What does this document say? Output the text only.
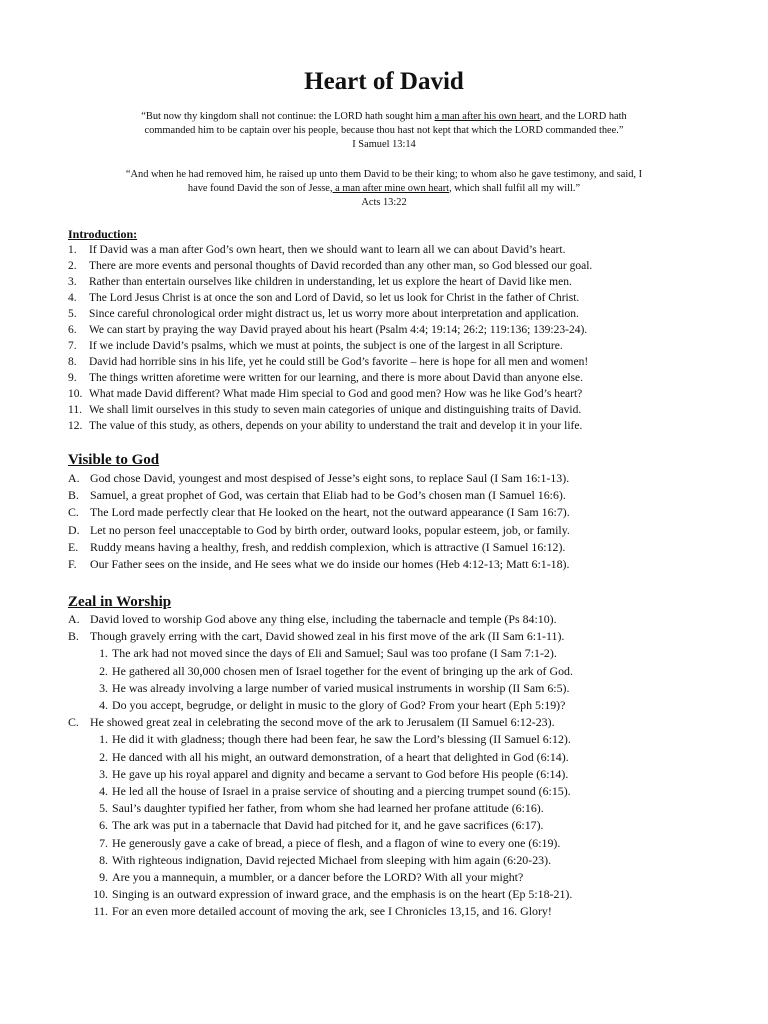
Heart of David
“But now thy kingdom shall not continue: the LORD hath sought him a man after his own heart, and the LORD hath
commanded him to be captain over his people, because thou hast not kept that which the LORD commanded thee.”
I Samuel 13:14
“And when he had removed him, he raised up unto them David to be their king; to whom also he gave testimony, and said, I
have found David the son of Jesse, a man after mine own heart, which shall fulfil all my will.”
Acts 13:22
Introduction:
1. If David was a man after God’s own heart, then we should want to learn all we can about David’s heart.
2. There are more events and personal thoughts of David recorded than any other man, so God blessed our goal.
3. Rather than entertain ourselves like children in understanding, let us explore the heart of David like men.
4. The Lord Jesus Christ is at once the son and Lord of David, so let us look for Christ in the father of Christ.
5. Since careful chronological order might distract us, let us worry more about interpretation and application.
6. We can start by praying the way David prayed about his heart (Psalm 4:4; 19:14; 26:2; 119:136; 139:23-24).
7. If we include David’s psalms, which we must at points, the subject is one of the largest in all Scripture.
8. David had horrible sins in his life, yet he could still be God’s favorite – here is hope for all men and women!
9. The things written aforetime were written for our learning, and there is more about David than anyone else.
10. What made David different? What made Him special to God and good men? How was he like God’s heart?
11. We shall limit ourselves in this study to seven main categories of unique and distinguishing traits of David.
12. The value of this study, as others, depends on your ability to understand the trait and develop it in your life.
Visible to God
A. God chose David, youngest and most despised of Jesse’s eight sons, to replace Saul (I Sam 16:1-13).
B. Samuel, a great prophet of God, was certain that Eliab had to be God’s chosen man (I Samuel 16:6).
C. The Lord made perfectly clear that He looked on the heart, not the outward appearance (I Sam 16:7).
D. Let no person feel unacceptable to God by birth order, outward looks, popular esteem, job, or family.
E. Ruddy means having a healthy, fresh, and reddish complexion, which is attractive (I Samuel 16:12).
F. Our Father sees on the inside, and He sees what we do inside our homes (Heb 4:12-13; Matt 6:1-18).
Zeal in Worship
A. David loved to worship God above any thing else, including the tabernacle and temple (Ps 84:10).
B. Though gravely erring with the cart, David showed zeal in his first move of the ark (II Sam 6:1-11).
1. The ark had not moved since the days of Eli and Samuel; Saul was too profane (I Sam 7:1-2).
2. He gathered all 30,000 chosen men of Israel together for the event of bringing up the ark of God.
3. He was already involving a large number of varied musical instruments in worship (II Sam 6:5).
4. Do you accept, begrudge, or delight in music to the glory of God? From your heart (Eph 5:19)?
C. He showed great zeal in celebrating the second move of the ark to Jerusalem (II Samuel 6:12-23).
1. He did it with gladness; though there had been fear, he saw the Lord’s blessing (II Samuel 6:12).
2. He danced with all his might, an outward demonstration, of a heart that delighted in God (6:14).
3. He gave up his royal apparel and dignity and became a servant to God before His people (6:14).
4. He led all the house of Israel in a praise service of shouting and a piercing trumpet sound (6:15).
5. Saul’s daughter typified her father, from whom she had learned her profane attitude (6:16).
6. The ark was put in a tabernacle that David had pitched for it, and he gave sacrifices (6:17).
7. He generously gave a cake of bread, a piece of flesh, and a flagon of wine to every one (6:19).
8. With righteous indignation, David rejected Michael from sleeping with him again (6:20-23).
9. Are you a mannequin, a mumbler, or a dancer before the LORD? With all your might?
10. Singing is an outward expression of inward grace, and the emphasis is on the heart (Ep 5:18-21).
11. For an even more detailed account of moving the ark, see I Chronicles 13,15, and 16. Glory!
